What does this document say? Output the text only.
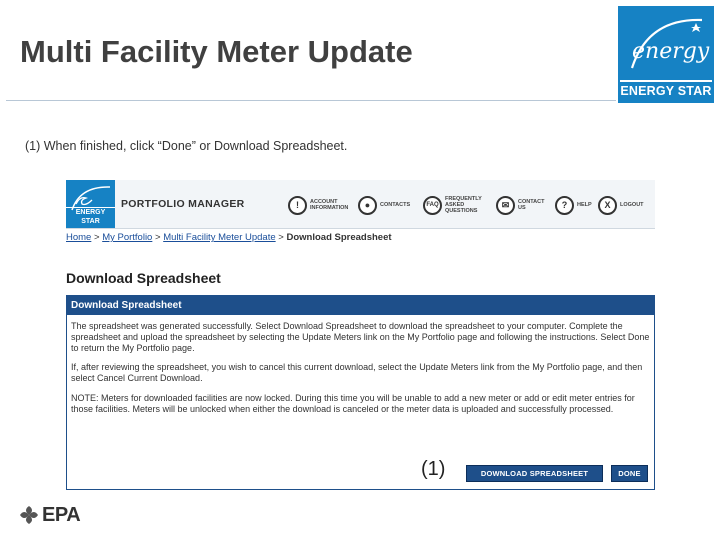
Multi Facility Meter Update	energy
ENERGY STAR
(1) When finished, click “Done” or Download Spreadsheet.
ENERGY STAR
PORTFOLIO MANAGER	!	ACCOUNT
INFORMATION	●	CONTACTS	FAQ
FREQUENTLY
ASKED
QUESTIONS
✉	CONTACT
US	?	HELP	X	LOGOUT
Home > My Portfolio > Multi Facility Meter Update > Download Spreadsheet
Download Spreadsheet
Download Spreadsheet

The spreadsheet was generated successfully. Select Download Spreadsheet to download the spreadsheet to your computer. Complete the spreadsheet and upload the spreadsheet by selecting the Update Meters link on the My Portfolio page and following the instructions. Select Done to return the My Portfolio page.

If, after reviewing the spreadsheet, you wish to cancel this current download, select the Update Meters link from the My Portfolio page, and then select Cancel Current Download.

NOTE: Meters for downloaded facilities are now locked. During this time you will be unable to add a new meter or add or edit meter entries for those facilities. Meters will be unlocked when either the download is canceled or the meter data is uploaded and successfully processed.

(1)	DOWNLOAD SPREADSHEET	DONE
EPA
